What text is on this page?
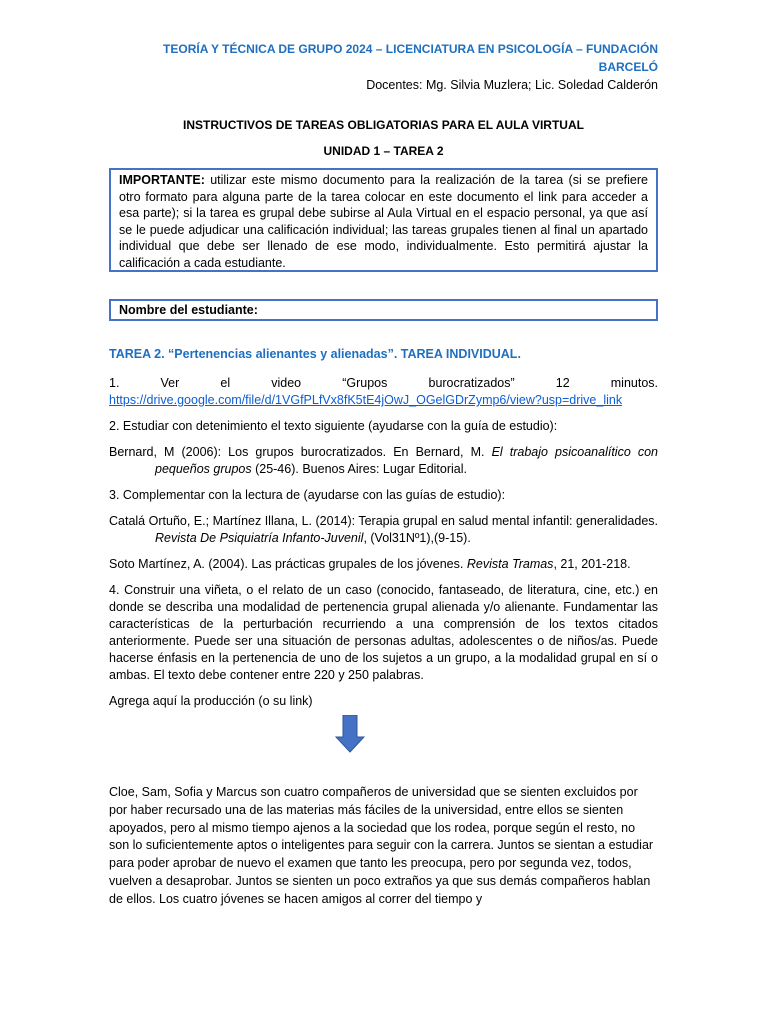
TEORÍA Y TÉCNICA DE GRUPO 2024 – LICENCIATURA EN PSICOLOGÍA – FUNDACIÓN BARCELÓ
Docentes: Mg. Silvia Muzlera; Lic. Soledad Calderón
INSTRUCTIVOS DE TAREAS OBLIGATORIAS PARA EL AULA VIRTUAL
UNIDAD 1 – TAREA 2
IMPORTANTE: utilizar este mismo documento para la realización de la tarea (si se prefiere otro formato para alguna parte de la tarea colocar en este documento el link para acceder a esa parte); si la tarea es grupal debe subirse al Aula Virtual en el espacio personal, ya que así se le puede adjudicar una calificación individual; las tareas grupales tienen al final un apartado individual que debe ser llenado de ese modo, individualmente. Esto permitirá ajustar la calificación a cada estudiante.
Nombre del estudiante:

TAREA 2. “Pertenencias alienantes y alienadas”. TAREA INDIVIDUAL.

1. Ver el video “Grupos burocratizados” 12 minutos.

https://drive.google.com/file/d/1VGfPLfVx8fK5tE4jOwJ_OGelGDrZymp6/view?usp=drive_link

2. Estudiar con detenimiento el texto siguiente (ayudarse con la guía de estudio):

Bernard, M (2006): Los grupos burocratizados. En Bernard, M. El trabajo psicoanalítico con pequeños grupos (25-46). Buenos Aires: Lugar Editorial.

3. Complementar con la lectura de (ayudarse con las guías de estudio):

Catalá Ortuño, E.; Martínez Illana, L. (2014): Terapia grupal en salud mental infantil: generalidades. Revista De Psiquiatría Infanto-Juvenil, (Vol31Nº1),(9-15).

Soto Martínez, A. (2004). Las prácticas grupales de los jóvenes. Revista Tramas, 21, 201-218.

4. Construir una viñeta, o el relato de un caso (conocido, fantaseado, de literatura, cine, etc.) en donde se describa una modalidad de pertenencia grupal alienada y/o alienante. Fundamentar las características de la perturbación recurriendo a una comprensión de los textos citados anteriormente. Puede ser una situación de personas adultas, adolescentes o de niños/as. Puede hacerse énfasis en la pertenencia de uno de los sujetos a un grupo, a la modalidad grupal en sí o ambas. El texto debe contener entre 220 y 250 palabras.

Agrega aquí la producción (o su link)

Cloe, Sam, Sofia y Marcus son cuatro compañeros de universidad que se sienten excluidos por por haber recursado una de las materias más fáciles de la universidad, entre ellos se sienten apoyados, pero al mismo tiempo ajenos a la sociedad que los rodea, porque según el resto, no son lo suficientemente aptos o inteligentes para seguir con la carrera. Juntos se sientan a estudiar para poder aprobar de nuevo el examen que tanto les preocupa, pero por segunda vez, todos, vuelven a desaprobar. Juntos se sienten un poco extraños ya que sus demás compañeros hablan de ellos. Los cuatro jóvenes se hacen amigos al correr del tiempo y
